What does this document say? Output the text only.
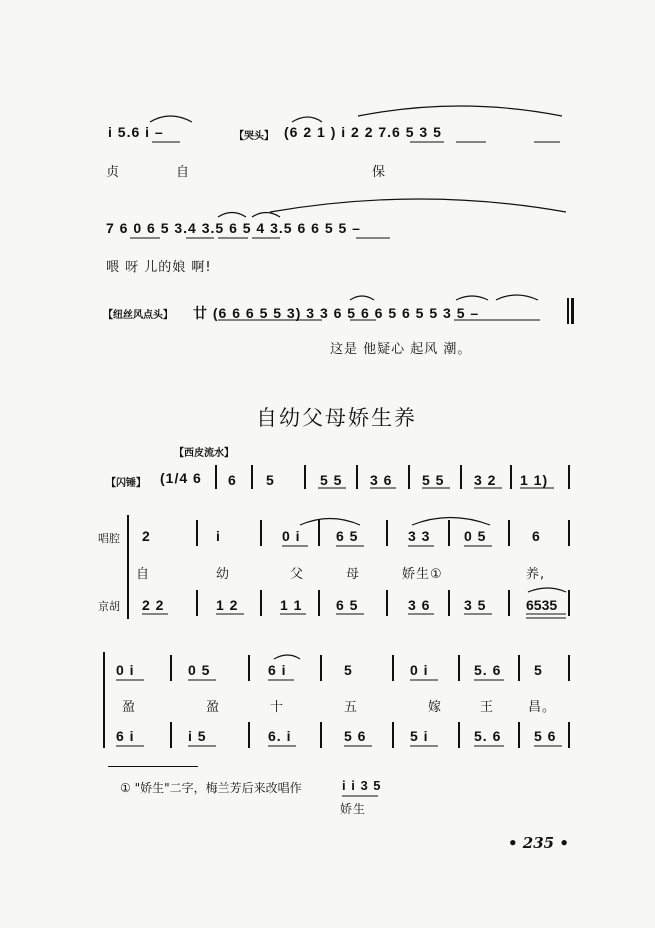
i 5.6 i –	【哭头】 (6 2 1 ) i 2 2 7.6 5 3 5
贞	自	保
7 6 0 6 5 3.4 3.5 6 5 4 3.5 6 6 5 5 –
喂 呀 儿的娘 啊!
【纽丝风点头】 廿 (6 6 6 5 5 3) 3 3 6 5 6 6 5 6 5 5 3 5 –
这是 他疑心 起风 潮。
自幼父母娇生养
【西皮流水】
【闪锤】 (1/4 6 6 5	5 5 3 6 5 5 3 2 1 1)
唱腔
京胡
2	i	0 i	6 5	3 3 0 5	6
自	幼	父	母	娇生①	养,
2 2	1 2	1 1 6 5	3 6 3 5	6535
0 i	0 5	6 i	5	0 i	5. 6 5
盈	盈	十	五	嫁	王	昌。
6 i	i 5	6. i	5 6	5 i	5. 6 5 6
① "娇生"二字，梅兰芳后来改唱作	i i 3 5
娇生
• 235 •
